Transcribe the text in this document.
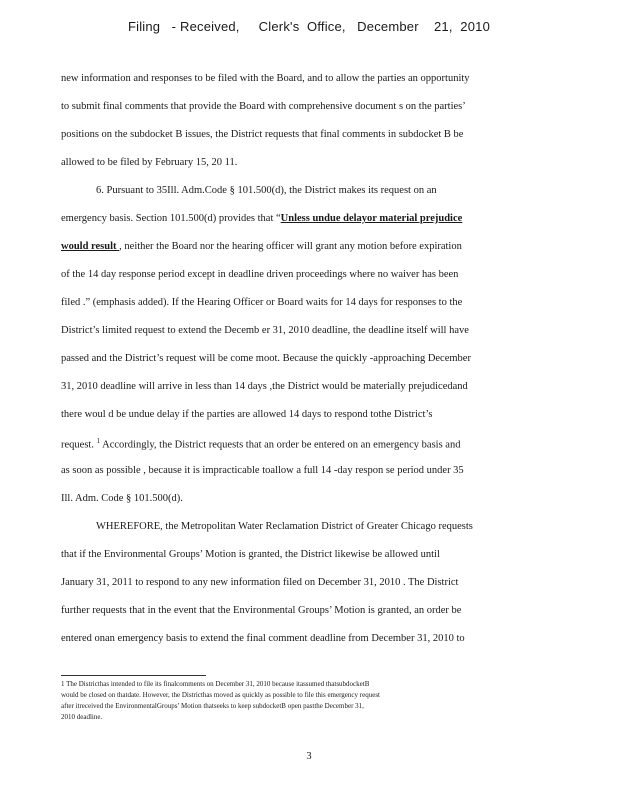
Filing   - Received,     Clerk's  Office,   December    21,  2010
new information and responses to be filed with the Board, and to allow the parties an opportunity
to submit final comments that provide the Board with comprehensive document s on the parties’
positions on the subdocket B issues, the District requests that final comments in subdocket B be
allowed to be filed by February 15, 20 11.
6. Pursuant to 35Ill. Adm.Code § 101.500(d), the District makes its request on an
emergency basis. Section 101.500(d) provides that “Unless undue delayor material prejudice
would result , neither the Board nor the hearing officer will grant any motion before expiration
of the 14 day response period except in deadline driven proceedings where no waiver has been
filed .” (emphasis added). If the Hearing Officer or Board waits for 14 days for responses to the
District’s limited request to extend the Decemb er 31, 2010 deadline, the deadline itself will have
passed and the District’s request will be come moot. Because the quickly -approaching December
31, 2010 deadline will arrive in less than 14 days ,the District would be materially prejudicedand
there woul d be undue delay if the parties are allowed 14 days to respond tothe District’s
request. $^1$ Accordingly, the District requests that an order be entered on an emergency basis and
as soon as possible , because it is impracticable toallow a full 14 -day respon se period under 35
Ill. Adm. Code § 101.500(d).
WHEREFORE, the Metropolitan Water Reclamation District of Greater Chicago requests
that if the Environmental Groups’ Motion is granted, the District likewise be allowed until
January 31, 2011 to respond to any new information filed on December 31, 2010 . The District
further requests that in the event that the Environmental Groups’ Motion is granted, an order be
entered onan emergency basis to extend the final comment deadline from December 31, 2010 to
1 The Districthas intended to file its finalcomments on December 31, 2010 because itassumed thatsubdocketB
would be closed on thatdate. However, the Districthas moved as quickly as possible to file this emergency request
after itreceived the EnvironmentalGroups’ Motion thatseeks to keep subdocketB open pastthe December 31,
2010 deadline.
3
